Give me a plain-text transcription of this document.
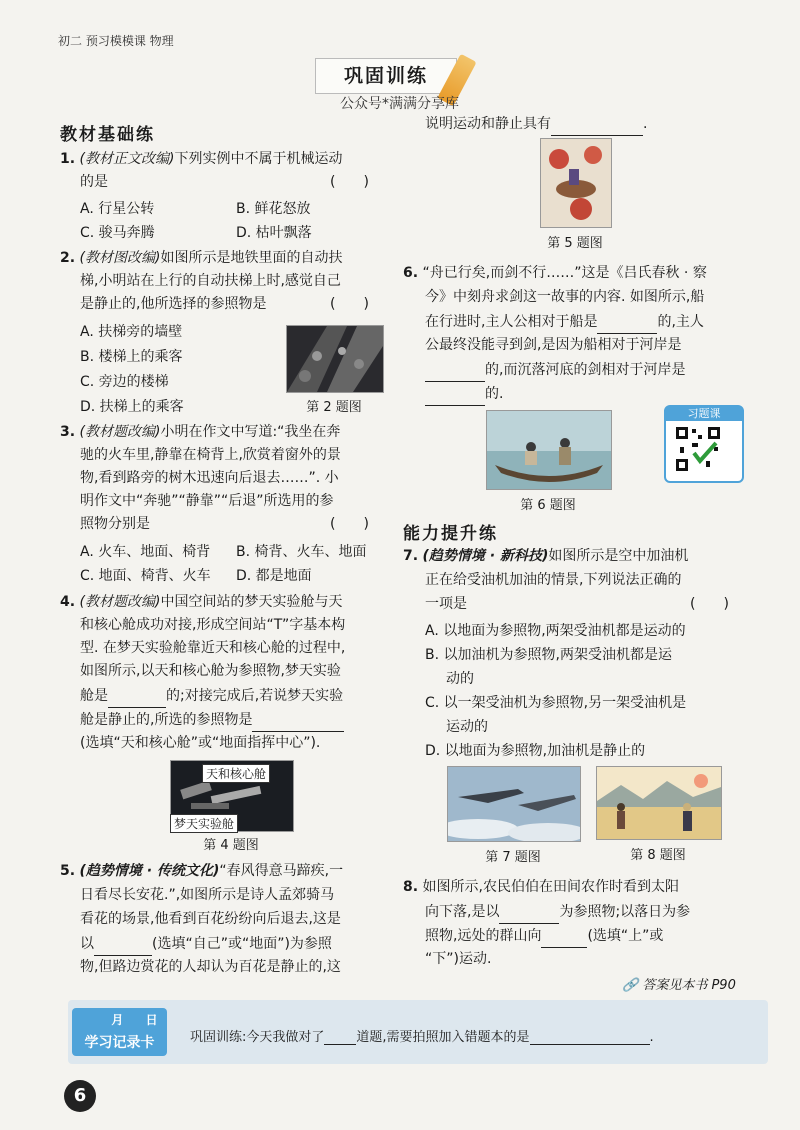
初二 预习模模课 物理
巩固训练
公众号*满满分享库
教材基础练
1. (教材正文改编)下列实例中不属于机械运动
的是	(　　)
A. 行星公转	B. 鲜花怒放
C. 骏马奔腾	D. 枯叶飘落
2. (教材图改编)如图所示是地铁里面的自动扶
梯,小明站在上行的自动扶梯上时,感觉自己
是静止的,他所选择的参照物是	(　　)
A. 扶梯旁的墙壁
B. 楼梯上的乘客
C. 旁边的楼梯
D. 扶梯上的乘客	第 2 题图
3. (教材题改编)小明在作文中写道:“我坐在奔
驰的火车里,静靠在椅背上,欣赏着窗外的景
物,看到路旁的树木迅速向后退去……”. 小
明作文中“奔驰”“静靠”“后退”所选用的参
照物分别是	(　　)
A. 火车、地面、椅背 B. 椅背、火车、地面
C. 地面、椅背、火车 D. 都是地面
4. (教材题改编)中国空间站的梦天实验舱与天
和核心舱成功对接,形成空间站“T”字基本构
型. 在梦天实验舱靠近天和核心舱的过程中,
如图所示,以天和核心舱为参照物,梦天实验
舱是	的;对接完成后,若说梦天实验
舱是静止的,所选的参照物是
(选填“天和核心舱”或“地面指挥中心”).
天和核心舱
梦天实验舱
第 4 题图
5. (趋势情境 · 传统文化)“春风得意马蹄疾,一
日看尽长安花.”,如图所示是诗人孟郊骑马
看花的场景,他看到百花纷纷向后退去,这是
以	(选填“自己”或“地面”)为参照
物,但路边赏花的人却认为百花是静止的,这
说明运动和静止具有	.
第 5 题图
6. “舟已行矣,而剑不行……”这是《吕氏春秋 · 察
今》中刻舟求剑这一故事的内容. 如图所示,船
在行进时,主人公相对于船是	的,主人
公最终没能寻到剑,是因为船相对于河岸是
的,而沉落河底的剑相对于河岸是
的.
第 6 题图
习题课
能力提升练
7. (趋势情境 · 新科技)如图所示是空中加油机
正在给受油机加油的情景,下列说法正确的
一项是	(　　)
A. 以地面为参照物,两架受油机都是运动的
B. 以加油机为参照物,两架受油机都是运
动的
C. 以一架受油机为参照物,另一架受油机是
运动的
D. 以地面为参照物,加油机是静止的
第 7 题图	第 8 题图
8. 如图所示,农民伯伯在田间农作时看到太阳
向下落,是以	为参照物;以落日为参
照物,远处的群山向	(选填“上”或
“下”)运动.
🔗 答案见本书 P90
月 日
学习记录卡	巩固训练:今天我做对了 道题,需要拍照加入错题本的是	.
6
